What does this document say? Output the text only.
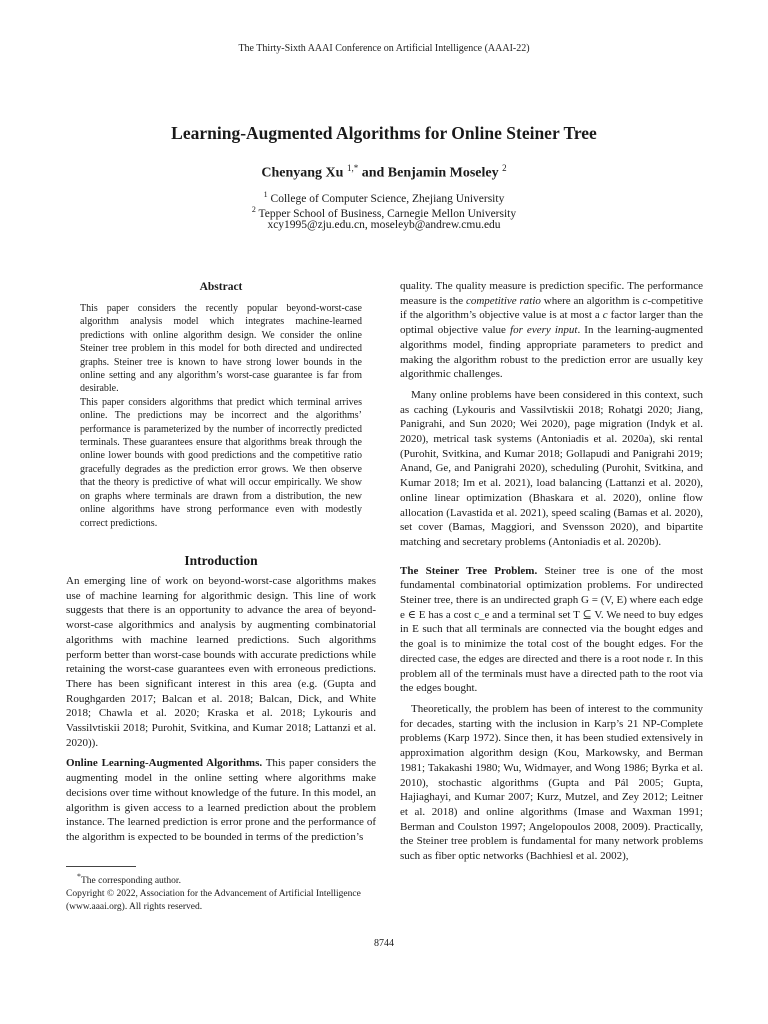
The Thirty-Sixth AAAI Conference on Artificial Intelligence (AAAI-22)
Learning-Augmented Algorithms for Online Steiner Tree
Chenyang Xu $^{1,*}$ and Benjamin Moseley $^2$
$^1$ College of Computer Science, Zhejiang University
$^2$ Tepper School of Business, Carnegie Mellon University
xcy1995@zju.edu.cn, moseleyb@andrew.cmu.edu
Abstract

This paper considers the recently popular beyond-worst-case algorithm analysis model which integrates machine-learned predictions with online algorithm design. We consider the online Steiner tree problem in this model for both directed and undirected graphs. Steiner tree is known to have strong lower bounds in the online setting and any algorithm’s worst-case guarantee is far from desirable.

This paper considers algorithms that predict which terminal arrives online. The predictions may be incorrect and the algorithms’ performance is parameterized by the number of incorrectly predicted terminals. These guarantees ensure that algorithms break through the online lower bounds with good predictions and the competitive ratio gracefully degrades as the prediction error grows. We then observe that the theory is predictive of what will occur empirically. We show on graphs where terminals are drawn from a distribution, the new online algorithms have strong performance even with modestly correct predictions.

Introduction

An emerging line of work on beyond-worst-case algorithms makes use of machine learning for algorithmic design. This line of work suggests that there is an opportunity to advance the area of beyond-worst-case algorithmics and analysis by augmenting combinatorial algorithms with machine learned predictions. Such algorithms perform better than worst-case bounds with accurate predictions while retaining the worst-case guarantees even with erroneous predictions. There has been significant interest in this area (e.g. (Gupta and Roughgarden 2017; Balcan et al. 2018; Balcan, Dick, and White 2018; Chawla et al. 2020; Kraska et al. 2018; Lykouris and Vassilvtiskii 2018; Purohit, Svitkina, and Kumar 2018; Lattanzi et al. 2020)).

Online Learning-Augmented Algorithms. This paper considers the augmenting model in the online setting where algorithms make decisions over time without knowledge of the future. In this model, an algorithm is given access to a learned prediction about the problem instance. The learned prediction is error prone and the performance of the algorithm is expected to be bounded in terms of the prediction’s

*The corresponding author.

Copyright © 2022, Association for the Advancement of Artificial Intelligence (www.aaai.org). All rights reserved.

quality. The quality measure is prediction specific. The performance measure is the competitive ratio where an algorithm is c-competitive if the algorithm’s objective value is at most a c factor larger than the optimal objective value for every input. In the learning-augmented algorithms model, finding appropriate parameters to predict and making the algorithm robust to the prediction error are usually key algorithmic challenges.

Many online problems have been considered in this context, such as caching (Lykouris and Vassilvtiskii 2018; Rohatgi 2020; Jiang, Panigrahi, and Sun 2020; Wei 2020), page migration (Indyk et al. 2020), metrical task systems (Antoniadis et al. 2020a), ski rental (Purohit, Svitkina, and Kumar 2018; Gollapudi and Panigrahi 2019; Anand, Ge, and Panigrahi 2020), scheduling (Purohit, Svitkina, and Kumar 2018; Im et al. 2021), load balancing (Lattanzi et al. 2020), online linear optimization (Bhaskara et al. 2020), online flow allocation (Lavastida et al. 2021), speed scaling (Bamas et al. 2020), set cover (Bamas, Maggiori, and Svensson 2020), and bipartite matching and secretary problems (Antoniadis et al. 2020b).

The Steiner Tree Problem. Steiner tree is one of the most fundamental combinatorial optimization problems. For undirected Steiner tree, there is an undirected graph G = (V, E) where each edge e ∈ E has a cost c_e and a terminal set T ⊆ V. We need to buy edges in E such that all terminals are connected via the bought edges and the goal is to minimize the total cost of the bought edges. For the directed case, the edges are directed and there is a root node r. In this problem all of the terminals must have a directed path to the root via the edges bought.

Theoretically, the problem has been of interest to the community for decades, starting with the inclusion in Karp’s 21 NP-Complete problems (Karp 1972). Since then, it has been studied extensively in approximation algorithm design (Kou, Markowsky, and Berman 1981; Takakashi 1980; Wu, Widmayer, and Wong 1986; Byrka et al. 2010), stochastic algorithms (Gupta and Pál 2005; Gupta, Hajiaghayi, and Kumar 2007; Kurz, Mutzel, and Zey 2012; Leitner et al. 2018) and online algorithms (Imase and Waxman 1991; Berman and Coulston 1997; Angelopoulos 2008, 2009). Practically, the Steiner tree problem is fundamental for many network problems such as fiber optic networks (Bachhiesl et al. 2002),

8744
